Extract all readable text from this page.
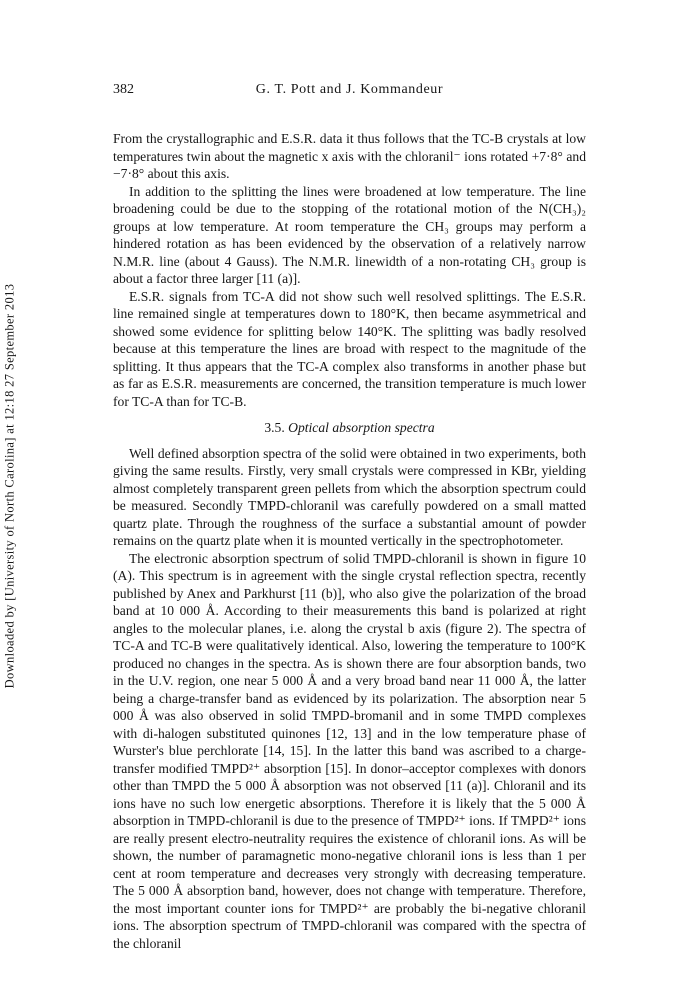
Downloaded by [University of North Carolina] at 12:18 27 September 2013
382	G. T. Pott and J. Kommandeur

From the crystallographic and E.S.R. data it thus follows that the TC-B crystals at low temperatures twin about the magnetic x axis with the chloranil⁻ ions rotated +7·8° and −7·8° about this axis.

In addition to the splitting the lines were broadened at low temperature. The line broadening could be due to the stopping of the rotational motion of the N(CH₃)₂ groups at low temperature. At room temperature the CH₃ groups may perform a hindered rotation as has been evidenced by the observation of a relatively narrow N.M.R. line (about 4 Gauss). The N.M.R. linewidth of a non-rotating CH₃ group is about a factor three larger [11 (a)].

E.S.R. signals from TC-A did not show such well resolved splittings. The E.S.R. line remained single at temperatures down to 180°K, then became asymmetrical and showed some evidence for splitting below 140°K. The splitting was badly resolved because at this temperature the lines are broad with respect to the magnitude of the splitting. It thus appears that the TC-A complex also transforms in another phase but as far as E.S.R. measurements are concerned, the transition temperature is much lower for TC-A than for TC-B.

3.5. Optical absorption spectra

Well defined absorption spectra of the solid were obtained in two experiments, both giving the same results. Firstly, very small crystals were compressed in KBr, yielding almost completely transparent green pellets from which the absorption spectrum could be measured. Secondly TMPD-chloranil was carefully powdered on a small matted quartz plate. Through the roughness of the surface a substantial amount of powder remains on the quartz plate when it is mounted vertically in the spectrophotometer.

The electronic absorption spectrum of solid TMPD-chloranil is shown in figure 10 (A). This spectrum is in agreement with the single crystal reflection spectra, recently published by Anex and Parkhurst [11 (b)], who also give the polarization of the broad band at 10 000 Å. According to their measurements this band is polarized at right angles to the molecular planes, i.e. along the crystal b axis (figure 2). The spectra of TC-A and TC-B were qualitatively identical. Also, lowering the temperature to 100°K produced no changes in the spectra. As is shown there are four absorption bands, two in the U.V. region, one near 5 000 Å and a very broad band near 11 000 Å, the latter being a charge-transfer band as evidenced by its polarization. The absorption near 5 000 Å was also observed in solid TMPD-bromanil and in some TMPD complexes with di-halogen substituted quinones [12, 13] and in the low temperature phase of Wurster's blue perchlorate [14, 15]. In the latter this band was ascribed to a charge-transfer modified TMPD²⁺ absorption [15]. In donor–acceptor complexes with donors other than TMPD the 5 000 Å absorption was not observed [11 (a)]. Chloranil and its ions have no such low energetic absorptions. Therefore it is likely that the 5 000 Å absorption in TMPD-chloranil is due to the presence of TMPD²⁺ ions. If TMPD²⁺ ions are really present electro-neutrality requires the existence of chloranil ions. As will be shown, the number of paramagnetic mono-negative chloranil ions is less than 1 per cent at room temperature and decreases very strongly with decreasing temperature. The 5 000 Å absorption band, however, does not change with temperature. Therefore, the most important counter ions for TMPD²⁺ are probably the bi-negative chloranil ions. The absorption spectrum of TMPD-chloranil was compared with the spectra of the chloranil
